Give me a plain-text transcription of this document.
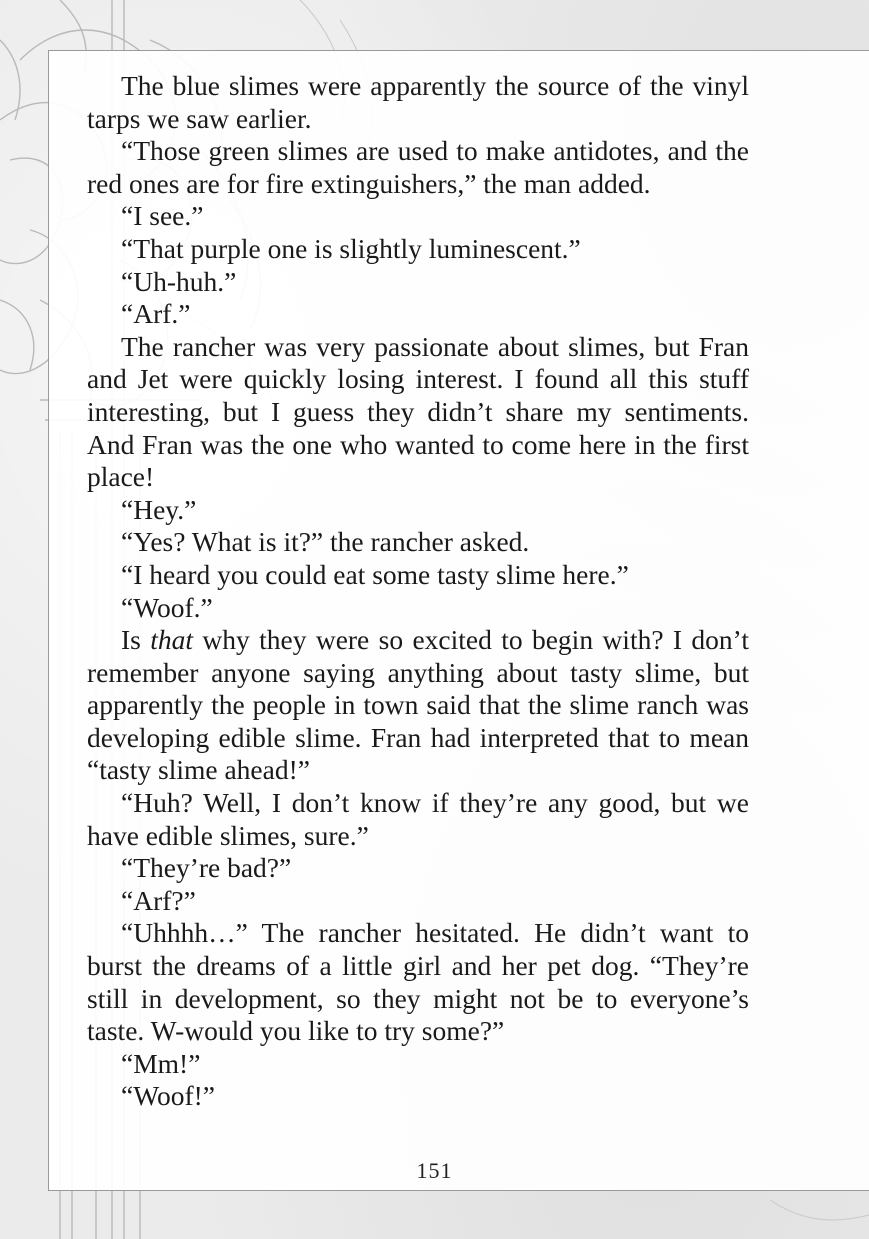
The blue slimes were apparently the source of the vinyl tarps we saw earlier.

“Those green slimes are used to make antidotes, and the red ones are for fire extinguishers,” the man added.

“I see.”

“That purple one is slightly luminescent.”

“Uh-huh.”

“Arf.”

The rancher was very passionate about slimes, but Fran and Jet were quickly losing interest. I found all this stuff interesting, but I guess they didn’t share my sentiments. And Fran was the one who wanted to come here in the first place!

“Hey.”

“Yes? What is it?” the rancher asked.

“I heard you could eat some tasty slime here.”

“Woof.”

Is that why they were so excited to begin with? I don’t remember anyone saying anything about tasty slime, but apparently the people in town said that the slime ranch was developing edible slime. Fran had interpreted that to mean “tasty slime ahead!”

“Huh? Well, I don’t know if they’re any good, but we have edible slimes, sure.”

“They’re bad?”

“Arf?”

“Uhhhh…” The rancher hesitated. He didn’t want to burst the dreams of a little girl and her pet dog. “They’re still in development, so they might not be to everyone’s taste. W-would you like to try some?”

“Mm!”

“Woof!”

151
